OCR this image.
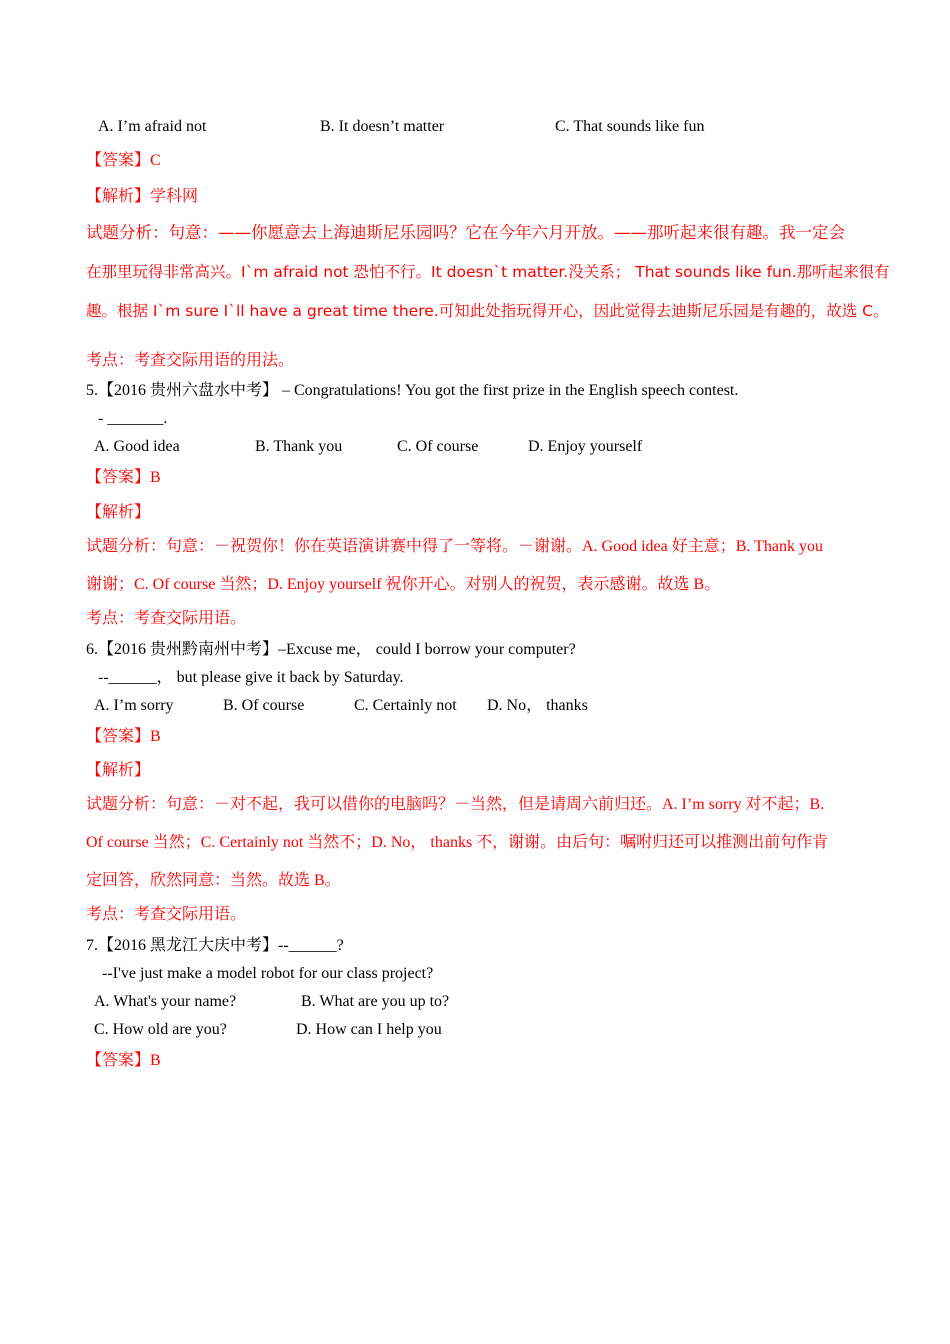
A. I’m afraid not	B. It doesn’t matter	C. That sounds like fun
【答案】C
【解析】学科网
试题分析：句意：——你愿意去上海迪斯尼乐园吗？它在今年六月开放。——那听起来很有趣。我一定会
在那里玩得非常高兴。I`m afraid not 恐怕不行。It doesn`t matter.没关系； That sounds like fun.那听起来很有
趣。根据 I`m sure I`ll have a great time there.可知此处指玩得开心，因此觉得去迪斯尼乐园是有趣的，故选 C。
考点：考查交际用语的用法。
5.【2016 贵州六盘水中考】 – Congratulations! You got the first prize in the English speech contest.
- _______.
A. Good idea	B. Thank you	C. Of course	D. Enjoy yourself
【答案】B
【解析】
试题分析：句意：－祝贺你！你在英语演讲赛中得了一等将。－谢谢。A. Good idea 好主意；B. Thank you
谢谢；C. Of course 当然；D. Enjoy yourself 祝你开心。对别人的祝贺，表示感谢。故选 B。
考点：考查交际用语。
6.【2016 贵州黔南州中考】–Excuse me， could I borrow your computer?
--______， but please give it back by Saturday.
A. I’m sorry	B. Of course	C. Certainly not D. No， thanks
【答案】B
【解析】
试题分析：句意：－对不起，我可以借你的电脑吗？－当然，但是请周六前归还。A. I’m sorry 对不起；B.
Of course 当然；C. Certainly not 当然不；D. No， thanks 不，谢谢。由后句：嘱咐归还可以推测出前句作肯
定回答，欣然同意：当然。故选 B。
考点：考查交际用语。
7.【2016 黑龙江大庆中考】--______?
--I've just make a model robot for our class project?
A. What's your name?	B. What are you up to?
C. How old are you?	D. How can I help you
【答案】B
